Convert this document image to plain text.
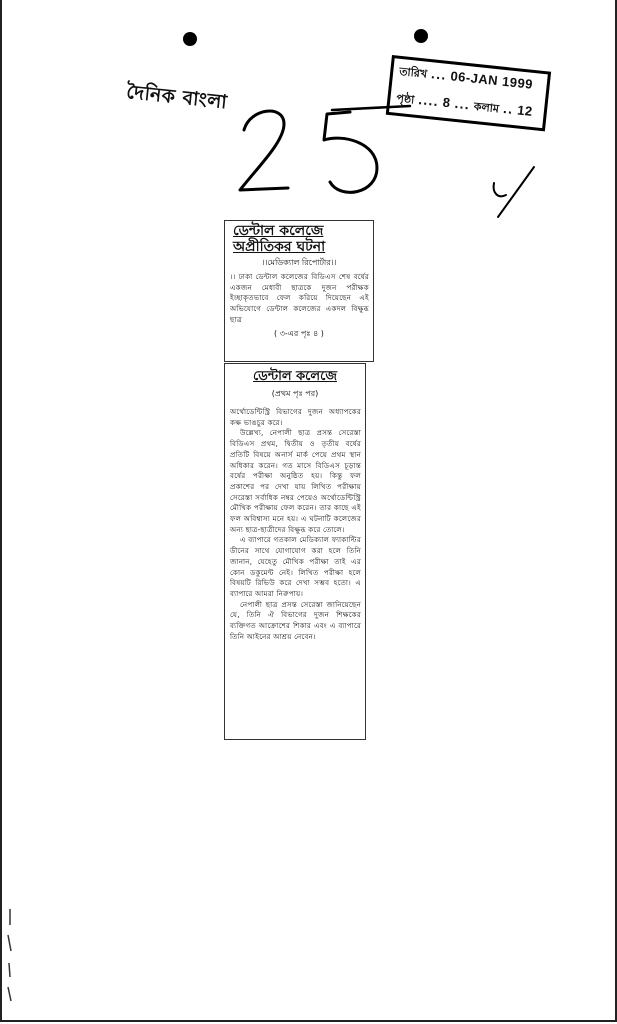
দৈনিক বাংলা
তারিখ ... 06-JAN 1999
পৃষ্ঠা .... 8 ... কলাম .. 12
ডেন্টাল কলেজে অপ্রীতিকর ঘটনা
।।মেডিক্যাল রিপোর্টার।।
।। ঢাকা ডেন্টাল কলেজের বিডিএস শেষ বর্ষের একজন মেধাবী ছাত্রকে দুজন পরীক্ষক ইচ্ছাকৃতভাবে ফেল করিয়ে দিয়েছেন এই অভিযোগে ডেন্টাল কলেজের একদল বিক্ষুব্ধ ছাত্র
( ৩-এর পৃঃ ৪ )
ডেন্টাল কলেজে
(প্রথম পৃঃ পর)
অর্থোডেন্টিস্ট্রি বিভাগের দুজন অধ্যাপকের কক্ষ ভাঙচুর করে।
উল্লেখ্য, নেপালী ছাত্র প্রসন্ত সেরেস্তা বিডিএস প্রথম, দ্বিতীয় ও তৃতীয় বর্ষের প্রতিটি বিষয়ে অনার্স মার্ক পেয়ে প্রথম স্থান অধিকার করেন। গত মাসে বিডিএস চূড়ান্ত বর্ষের পরীক্ষা অনুষ্ঠিত হয়। কিন্তু ফল প্রকাশের পর দেখা যায় লিখিত পরীক্ষায় সেরেস্তা সর্বাধিক নম্বর পেয়েও অর্থোডেন্টিস্ট্রি মৌখিক পরীক্ষায় ফেল করেন। তার কাছে এই ফল অবিশ্বাস্য মনে হয়। এ ঘটনাটি কলেজের অন্য ছাত্র-ছাত্রীদের বিক্ষুব্ধ করে তোলে।
এ ব্যাপারে গতকাল মেডিক্যাল ফ্যাকাল্টির ডীনের সাথে যোগাযোগ করা হলে তিনি জানান, যেহেতু মৌখিক পরীক্ষা তাই এর কোন ডকুমেন্ট নেই। লিখিত পরীক্ষা হলে বিষয়টি রিভিউ করে দেখা সম্ভব হতো। এ ব্যাপারে আমরা নিরুপায়।
নেপালী ছাত্র প্রসন্ত সেরেস্তা জানিয়েছেন যে, তিনি ঐ বিভাগের দুজন শিক্ষকের ব্যক্তিগত আক্রোশের শিকার এবং এ ব্যাপারে তিনি আইনের আশ্রয় নেবেন।
